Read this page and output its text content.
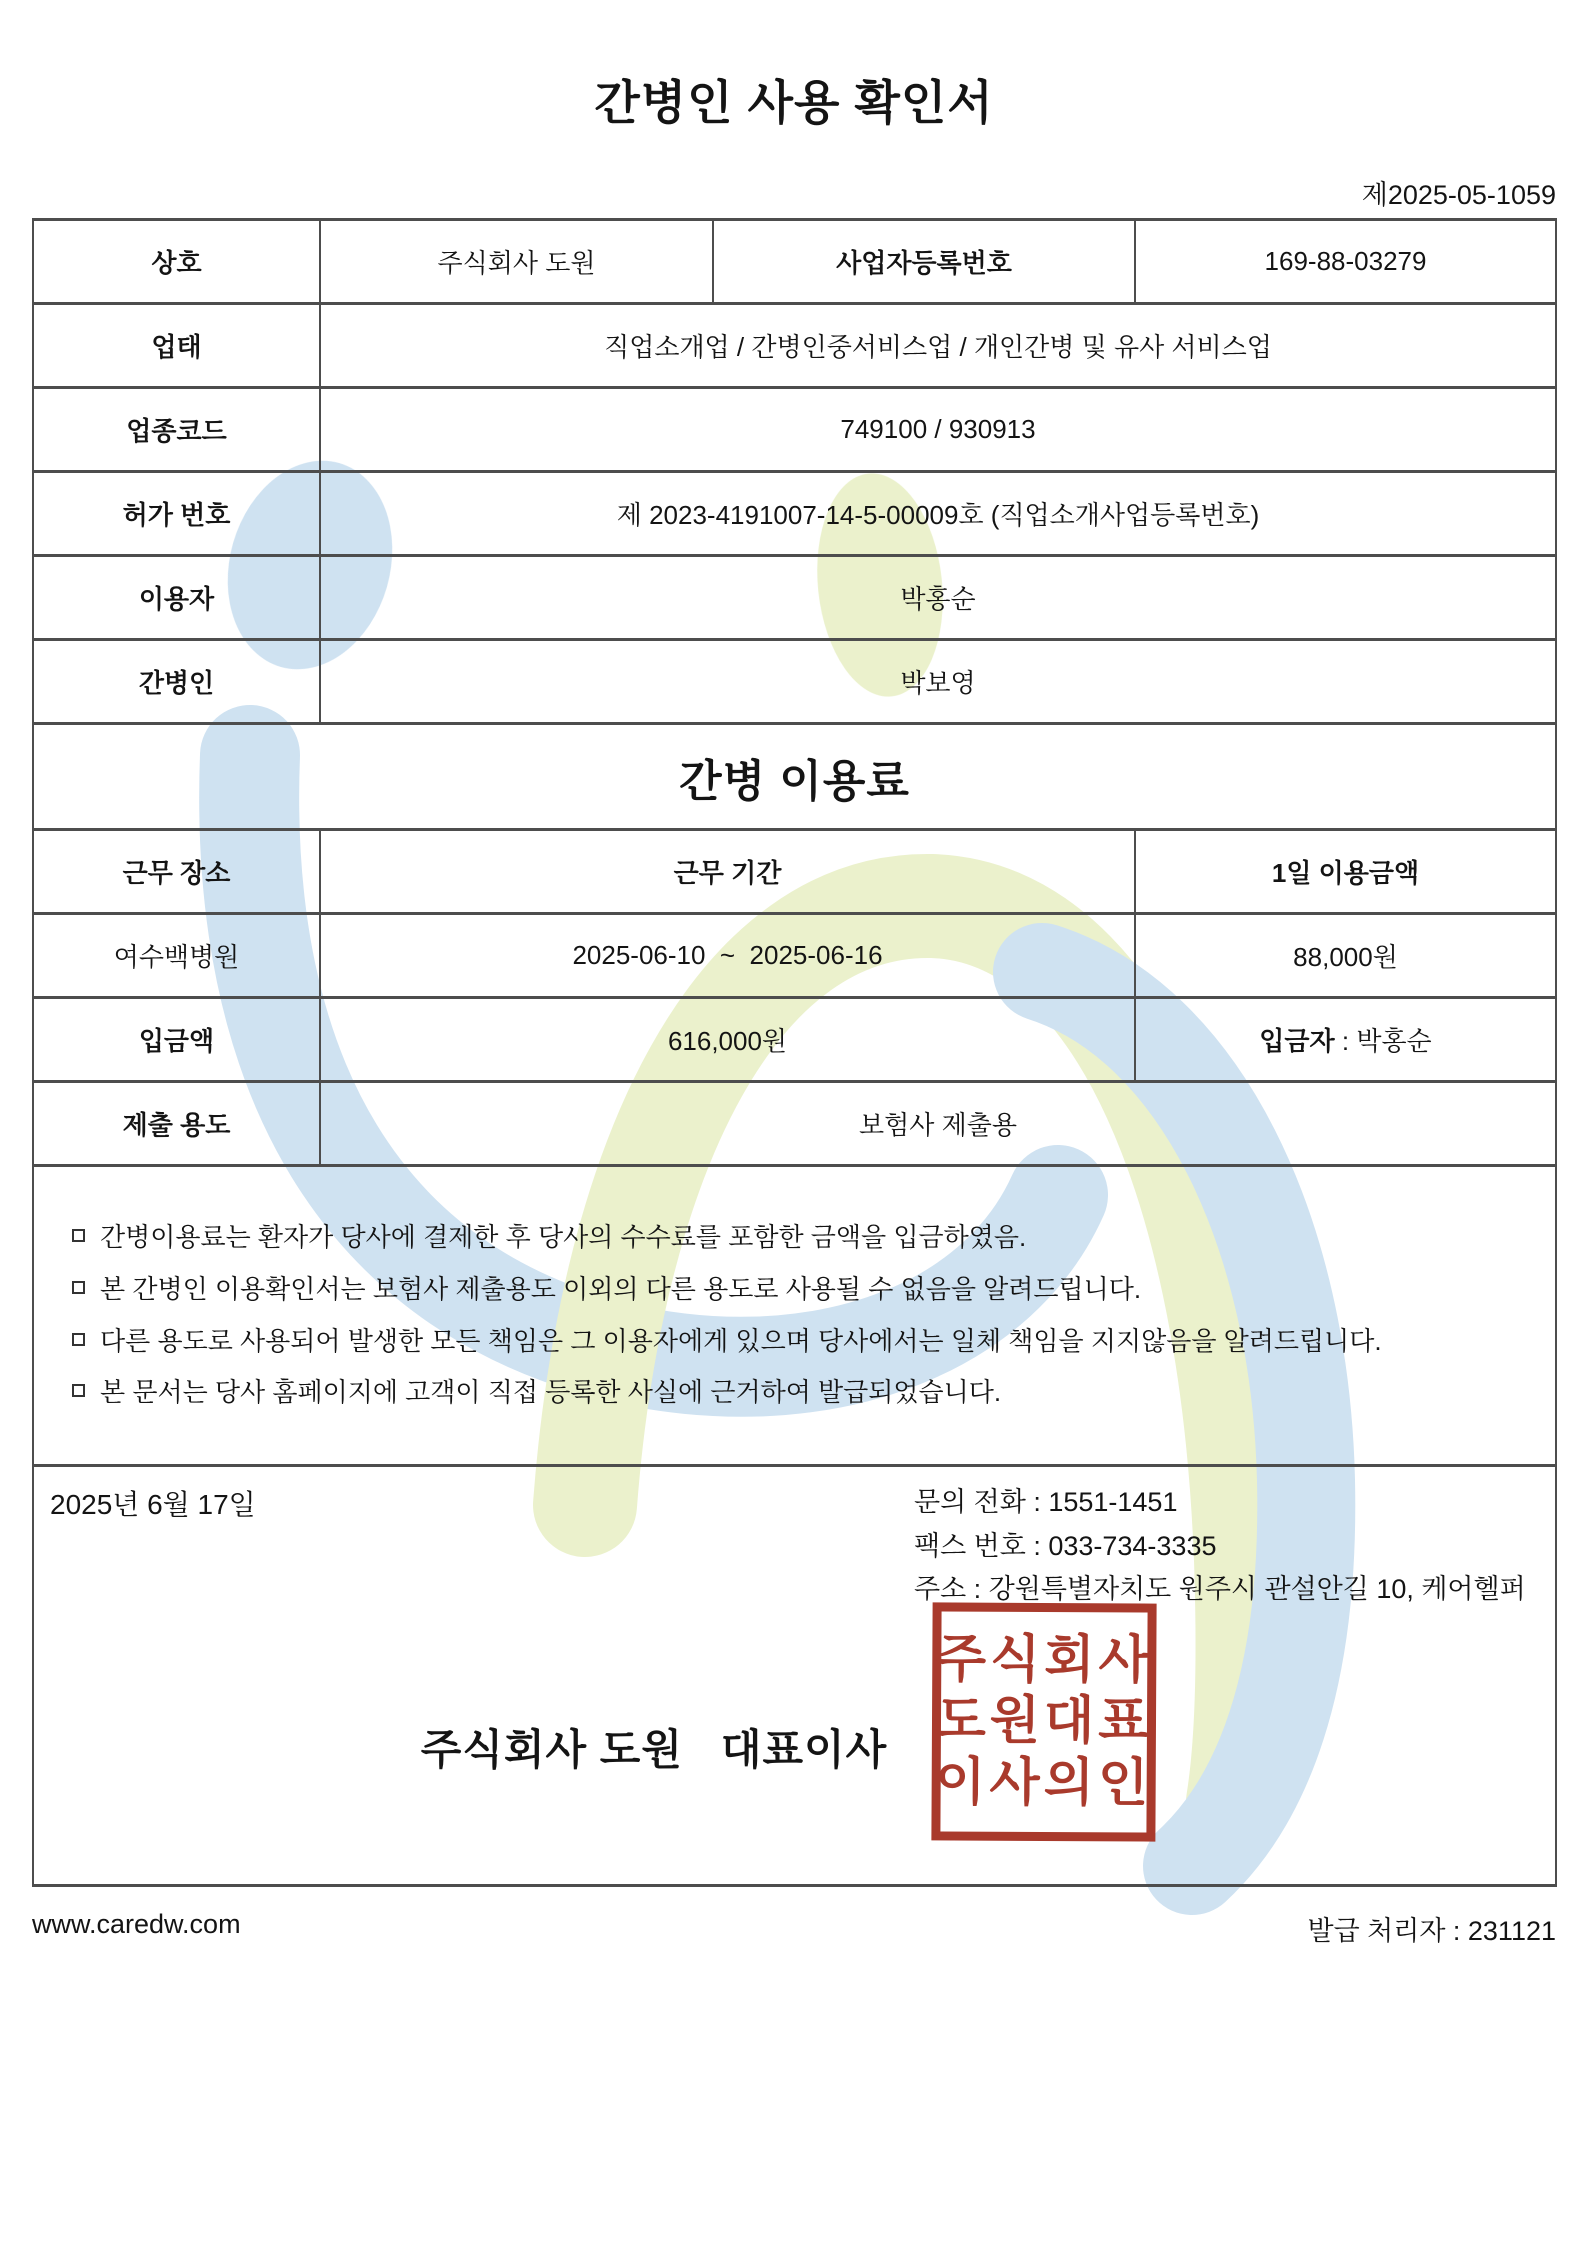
간병인 사용 확인서
제2025-05-1059
상호	주식회사 도원	사업자등록번호	169-88-03279
업태	직업소개업 / 간병인중서비스업 / 개인간병 및 유사 서비스업		
업종코드	749100 / 930913		
허가 번호	제 2023-4191007-14-5-00009호 (직업소개사업등록번호)		
이용자	박홍순		
간병인	박보영		
간병 이용료			
근무 장소	근무 기간		1일 이용금액
여수백병원	2025-06-10  ~  2025-06-16		88,000원
입금액	616,000원		입금자 : 박홍순
제출 용도	보험사 제출용		

간병이용료는 환자가 당사에 결제한 후 당사의 수수료를 포함한 금액을 입금하였음.
본 간병인 이용확인서는 보험사 제출용도 이외의 다른 용도로 사용될 수 없음을 알려드립니다.
다른 용도로 사용되어 발생한 모든 책임은 그 이용자에게 있으며 당사에서는 일체 책임을 지지않음을 알려드립니다.
본 문서는 당사 홈페이지에 고객이 직접 등록한 사실에 근거하여 발급되었습니다.

2025년 6월 17일	문의 전화 : 1551-1451
팩스 번호 : 033-734-3335
주소 : 강원특별자치도 원주시 관설안길 10, 케어헬퍼
주식회사 도원   대표이사
주식회사
도원대표
이사의인
www.caredw.com	발급 처리자 : 231121
